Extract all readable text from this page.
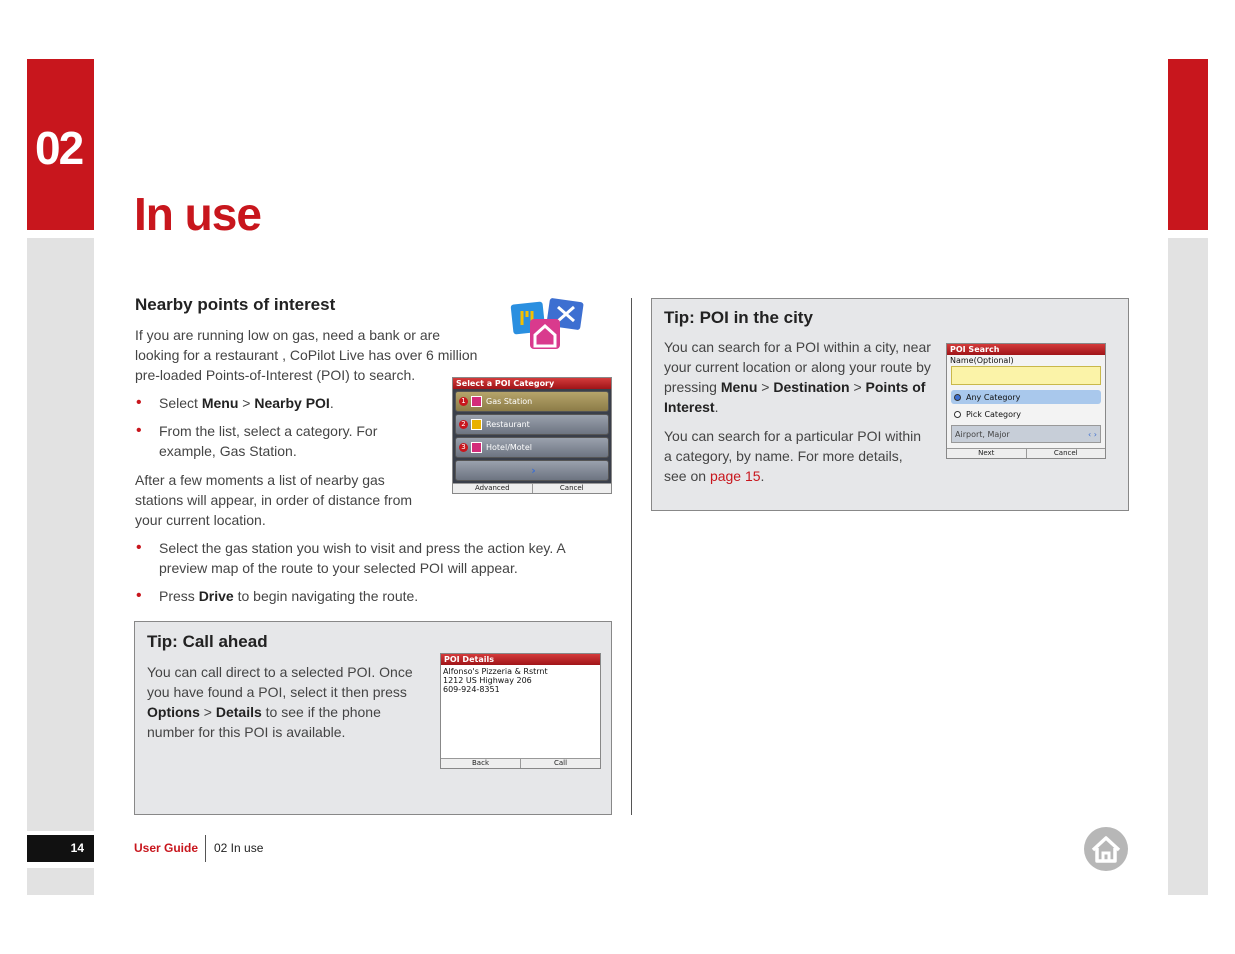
02
In use
Nearby points of interest
If you are running low on gas, need a bank or are looking for a restaurant , CoPilot Live has over 6 million pre-loaded Points-of-Interest (POI) to search.
• Select Menu > Nearby POI.
• From the list, select a category. For example, Gas Station.
After a few moments a list of nearby gas stations will appear, in order of distance from your current location.
• Select the gas station you wish to visit and press the action key. A preview map of the route to your selected POI will appear.
• Press Drive to begin navigating the route.
Select a POI Category
1	Gas Station
2	Restaurant
3	Hotel/Motel
›
Advanced	Cancel
Tip: Call ahead
You can call direct to a selected POI. Once you have found a POI, select it then press Options > Details to see if the phone number for this POI is available.
POI Details
Alfonso's Pizzeria & Rstrnt
1212 US Highway 206
609-924-8351
Back	Call
Tip: POI in the city
You can search for a POI within a city, near your current location or along your route by pressing Menu > Destination > Points of Interest.
You can search for a particular POI within a category, by name. For more details, see on page 15.
POI Search
Name(Optional)
Any Category
Pick Category
Airport, Major	‹ ›
Next	Cancel
14	User Guide 02 In use
